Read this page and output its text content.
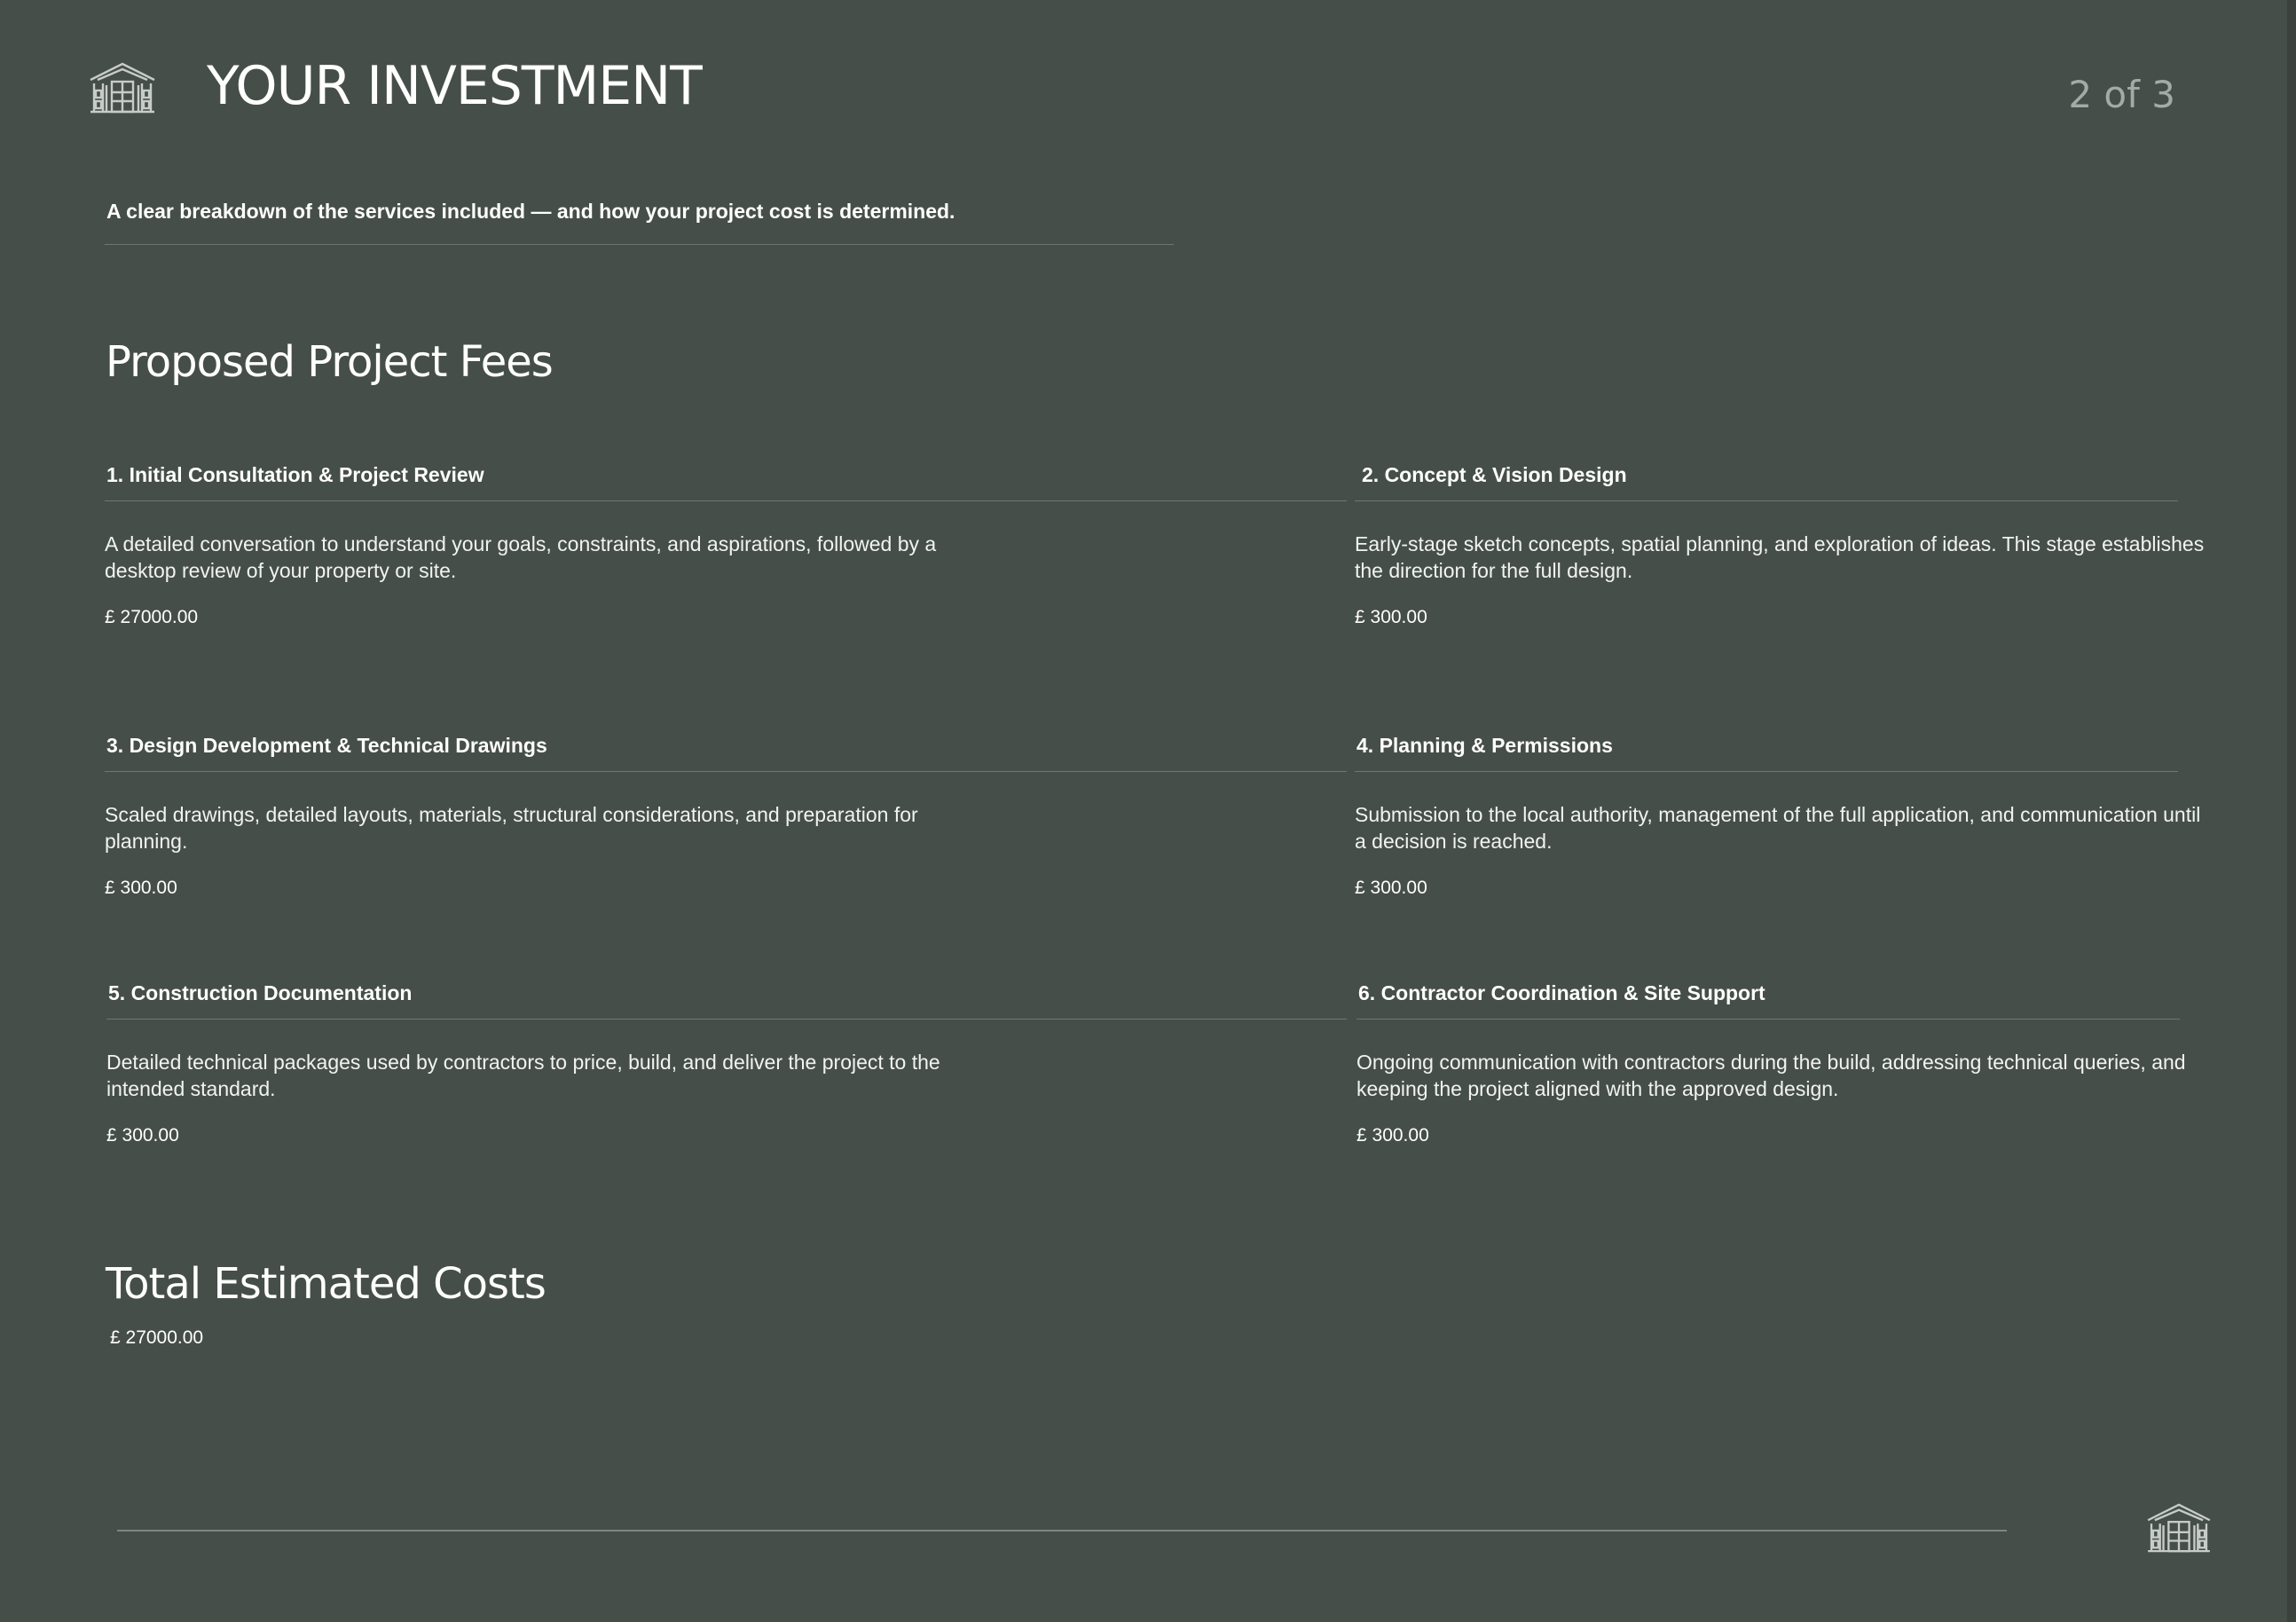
YOUR INVESTMENT	2 of 3

A clear breakdown of the services included — and how your project cost is determined.

Proposed Project Fees
1. Initial Consultation & Project Review

A detailed conversation to understand your goals, constraints, and aspirations, followed by a desktop review of your property or site.

£ 27000.00
2. Concept & Vision Design

Early-stage sketch concepts, spatial planning, and exploration of ideas. This stage establishes the direction for the full design.

£ 300.00
3. Design Development & Technical Drawings

Scaled drawings, detailed layouts, materials, structural considerations, and preparation for planning.

£ 300.00
4. Planning & Permissions

Submission to the local authority, management of the full application, and communication until a decision is reached.

£ 300.00
5. Construction Documentation

Detailed technical packages used by contractors to price, build, and deliver the project to the intended standard.

£ 300.00
6. Contractor Coordination & Site Support

Ongoing communication with contractors during the build, addressing technical queries, and keeping the project aligned with the approved design.

£ 300.00
Total Estimated Costs
£ 27000.00
